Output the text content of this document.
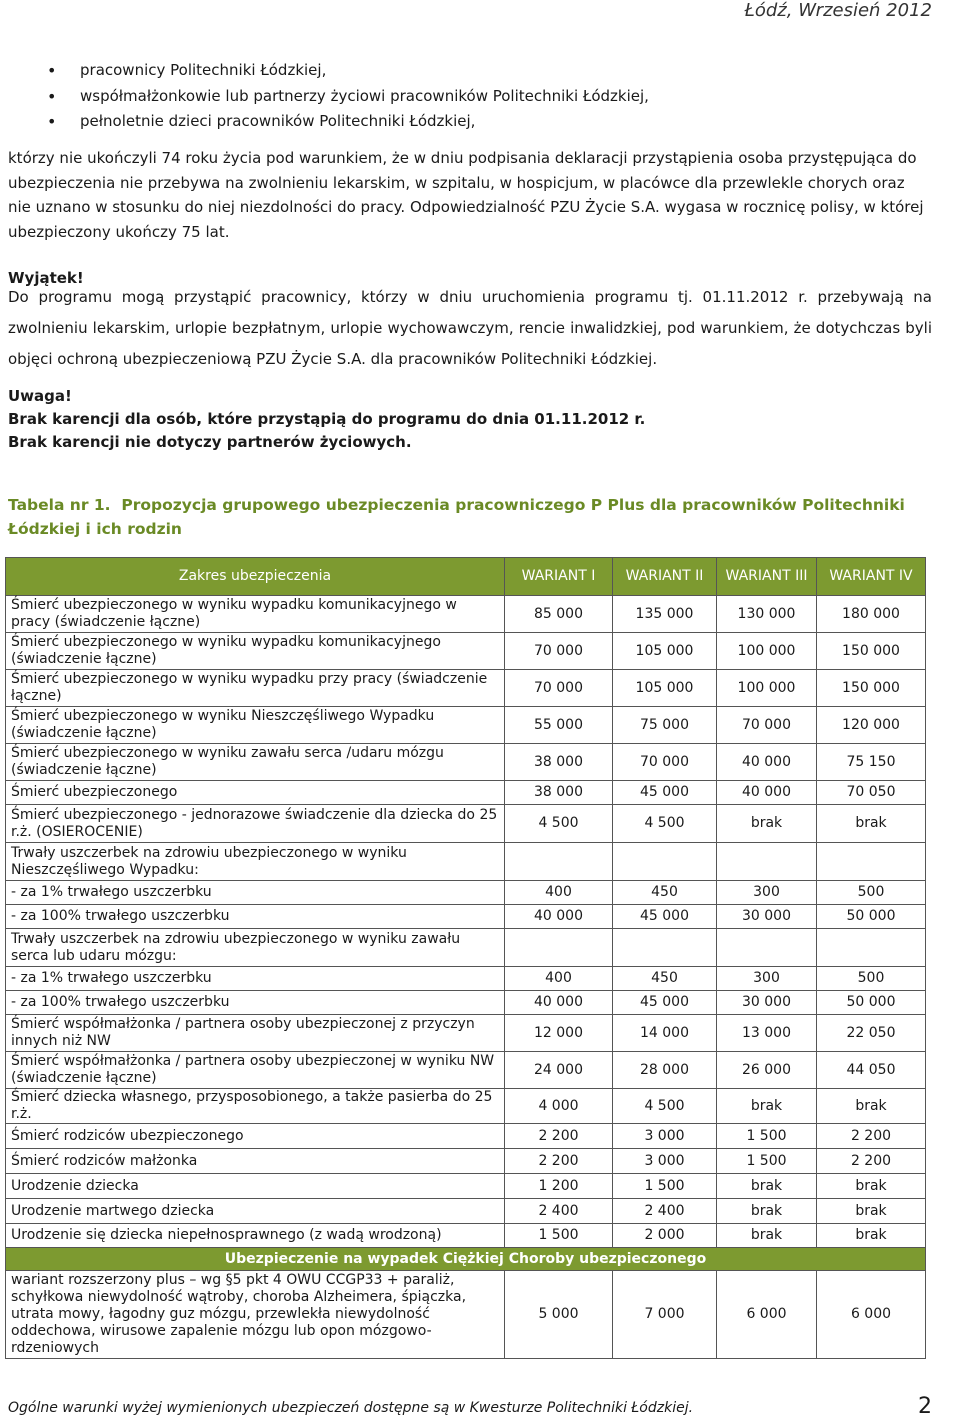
Łódź, Wrzesień 2012
• pracownicy Politechniki Łódzkiej,
• współmałżonkowie lub partnerzy życiowi pracowników Politechniki Łódzkiej,
• pełnoletnie dzieci pracowników Politechniki Łódzkiej,
którzy nie ukończyli 74 roku życia pod warunkiem, że w dniu podpisania deklaracji przystąpienia osoba przystępująca do ubezpieczenia nie przebywa na zwolnieniu lekarskim, w szpitalu, w hospicjum, w placówce dla przewlekle chorych oraz nie uznano w stosunku do niej niezdolności do pracy. Odpowiedzialność PZU Życie S.A. wygasa w rocznicę polisy, w której ubezpieczony ukończy 75 lat.
Wyjątek!
Do programu mogą przystąpić pracownicy, którzy w dniu uruchomienia programu tj. 01.11.2012 r. przebywają na zwolnieniu lekarskim, urlopie bezpłatnym, urlopie wychowawczym, rencie inwalidzkiej, pod warunkiem, że dotychczas byli objęci ochroną ubezpieczeniową PZU Życie S.A. dla pracowników Politechniki Łódzkiej.
Uwaga!
Brak karencji dla osób, które przystąpią do programu do dnia 01.11.2012 r.
Brak karencji nie dotyczy partnerów życiowych.
Tabela nr 1. Propozycja grupowego ubezpieczenia pracowniczego P Plus dla pracowników Politechniki Łódzkiej i ich rodzin
Zakres ubezpieczenia	WARIANT I	WARIANT II	WARIANT III	WARIANT IV
Śmierć ubezpieczonego w wyniku wypadku komunikacyjnego w pracy (świadczenie łączne)	85 000	135 000	130 000	180 000
Śmierć ubezpieczonego w wyniku wypadku komunikacyjnego (świadczenie łączne)	70 000	105 000	100 000	150 000
Śmierć ubezpieczonego w wyniku wypadku przy pracy (świadczenie łączne)	70 000	105 000	100 000	150 000
Śmierć ubezpieczonego w wyniku Nieszczęśliwego Wypadku (świadczenie łączne)	55 000	75 000	70 000	120 000
Śmierć ubezpieczonego w wyniku zawału serca /udaru mózgu (świadczenie łączne)	38 000	70 000	40 000	75 150
Śmierć ubezpieczonego	38 000	45 000	40 000	70 050
Śmierć ubezpieczonego - jednorazowe świadczenie dla dziecka do 25 r.ż. (OSIEROCENIE)	4 500	4 500	brak	brak
Trwały uszczerbek na zdrowiu ubezpieczonego w wyniku Nieszczęśliwego Wypadku:				
- za 1% trwałego uszczerbku	400	450	300	500
- za 100% trwałego uszczerbku	40 000	45 000	30 000	50 000
Trwały uszczerbek na zdrowiu ubezpieczonego w wyniku zawału serca lub udaru mózgu:				
- za 1% trwałego uszczerbku	400	450	300	500
- za 100% trwałego uszczerbku	40 000	45 000	30 000	50 000
Śmierć współmałżonka / partnera osoby ubezpieczonej z przyczyn innych niż NW	12 000	14 000	13 000	22 050
Śmierć współmałżonka / partnera osoby ubezpieczonej w wyniku NW (świadczenie łączne)	24 000	28 000	26 000	44 050
Śmierć dziecka własnego, przysposobionego, a także pasierba do 25 r.ż.	4 000	4 500	brak	brak
Śmierć rodziców ubezpieczonego	2 200	3 000	1 500	2 200
Śmierć rodziców małżonka	2 200	3 000	1 500	2 200
Urodzenie dziecka	1 200	1 500	brak	brak
Urodzenie martwego dziecka	2 400	2 400	brak	brak
Urodzenie się dziecka niepełnosprawnego (z wadą wrodzoną)	1 500	2 000	brak	brak
Ubezpieczenie na wypadek Ciężkiej Choroby ubezpieczonego				
wariant rozszerzony plus – wg §5 pkt 4 OWU CCGP33 + paraliż, schyłkowa niewydolność wątroby, choroba Alzheimera, śpiączka, utrata mowy, łagodny guz mózgu, przewlekła niewydolność oddechowa, wirusowe zapalenie mózgu lub opon mózgowo-rdzeniowych	5 000	7 000	6 000	6 000
Ogólne warunki wyżej wymienionych ubezpieczeń dostępne są w Kwesturze Politechniki Łódzkiej.	2
